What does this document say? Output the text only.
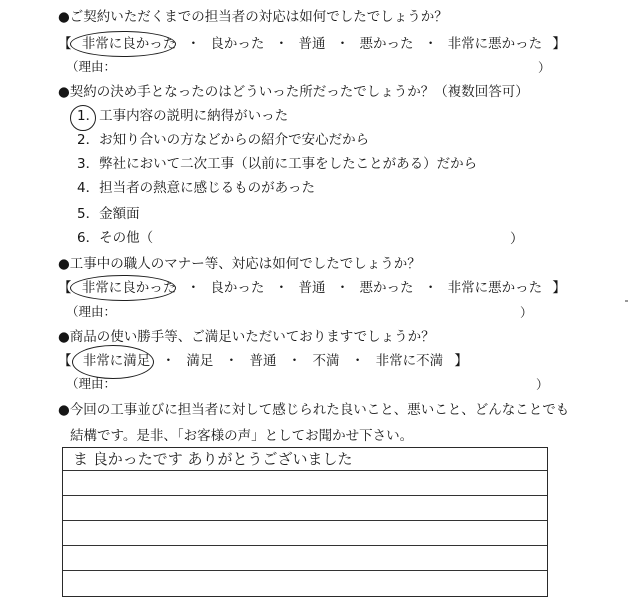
●ご契約いただくまでの担当者の対応は如何でしたでしょうか？
【 非常に良かった ・ 良かった ・ 普通 ・ 悪かった ・ 非常に悪かった 】
（理由：	）
●契約の決め手となったのはどういった所だったでしょうか？（複数回答可）
1．工事内容の説明に納得がいった
2．お知り合いの方などからの紹介で安心だから
3．弊社において二次工事（以前に工事をしたことがある）だから
4．担当者の熱意に感じるものがあった
5．金額面
6．その他（	）
●工事中の職人のマナー等、対応は如何でしたでしょうか？
【 非常に良かった ・ 良かった ・ 普通 ・ 悪かった ・ 非常に悪かった 】
（理由：	）
●商品の使い勝手等、ご満足いただいておりますでしょうか？
【 非常に満足 ・ 満足 ・ 普通 ・ 不満 ・ 非常に不満 】
（理由：	）
●今回の工事並びに担当者に対して感じられた良いこと、悪いこと、どんなことでも
結構です。是非、「お客様の声」としてお聞かせ下さい。
ま 良かったです ありがとうございました
